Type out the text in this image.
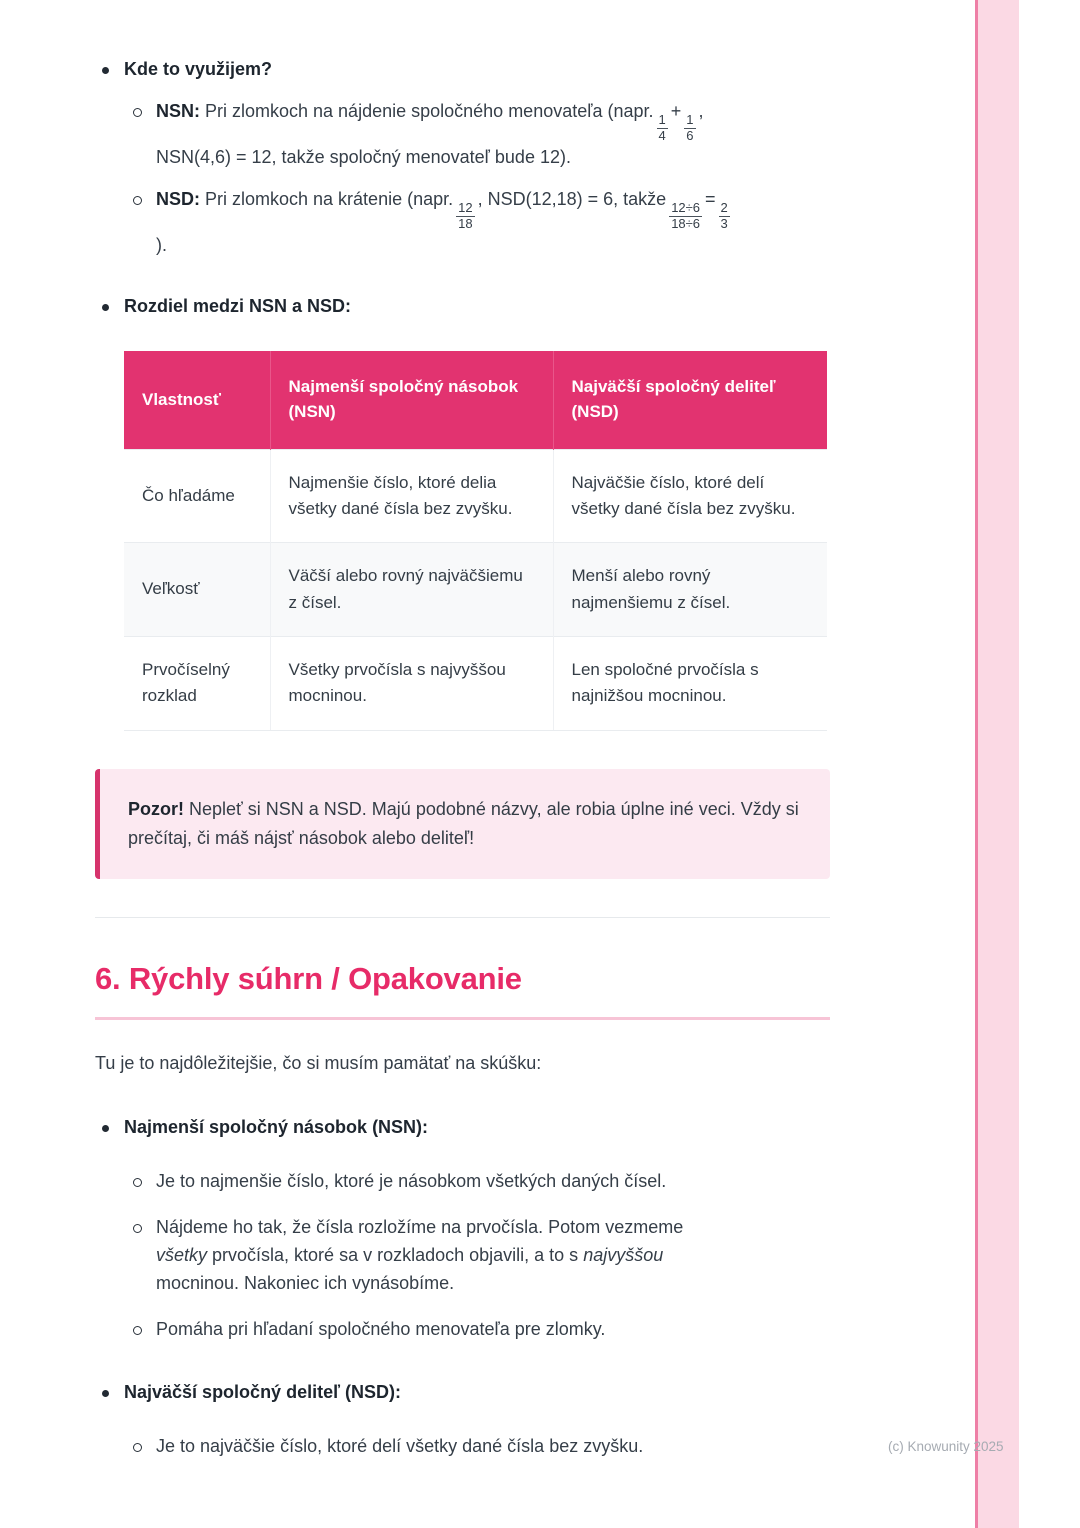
Kde to využijem?

NSN: Pri zlomkoch na nájdenie spoločného menovateľa (napr.
$\frac{1}{4}$
+
$\frac{1}{6}$
,
NSN(4,6) = 12, takže spoločný menovateľ bude 12).

NSD: Pri zlomkoch na krátenie (napr.
$\frac{12}{18}$
, NSD(12,18) = 6, takže
$\frac{12\div 6}{18\div 6}$
=
$\frac{2}{3}$

).

Rozdiel medzi NSN a NSD:

Vlastnosť	Najmenší spoločný násobok (NSN)	Najväčší spoločný deliteľ (NSD)
Čo hľadáme	Najmenšie číslo, ktoré delia všetky dané čísla bez zvyšku.	Najväčšie číslo, ktoré delí všetky dané čísla bez zvyšku.
Veľkosť	Väčší alebo rovný najväčšiemu z čísel.	Menší alebo rovný najmenšiemu z čísel.
Prvočíselný rozklad	Všetky prvočísla s najvyššou mocninou.	Len spoločné prvočísla s najnižšou mocninou.

Pozor! Nepleť si NSN a NSD. Majú podobné názvy, ale robia úplne iné veci. Vždy si prečítaj, či máš nájsť násobok alebo deliteľ!

6. Rýchly súhrn / Opakovanie

Tu je to najdôležitejšie, čo si musím pamätať na skúšku:

Najmenší spoločný násobok (NSN):

Je to najmenšie číslo, ktoré je násobkom všetkých daných čísel.

Nájdeme ho tak, že čísla rozložíme na prvočísla. Potom vezmeme
všetky prvočísla, ktoré sa v rozkladoch objavili, a to s najvyššou
mocninou. Nakoniec ich vynásobíme.

Pomáha pri hľadaní spoločného menovateľa pre zlomky.

Najväčší spoločný deliteľ (NSD):

Je to najväčšie číslo, ktoré delí všetky dané čísla bez zvyšku.	(c) Knowunity 2025
